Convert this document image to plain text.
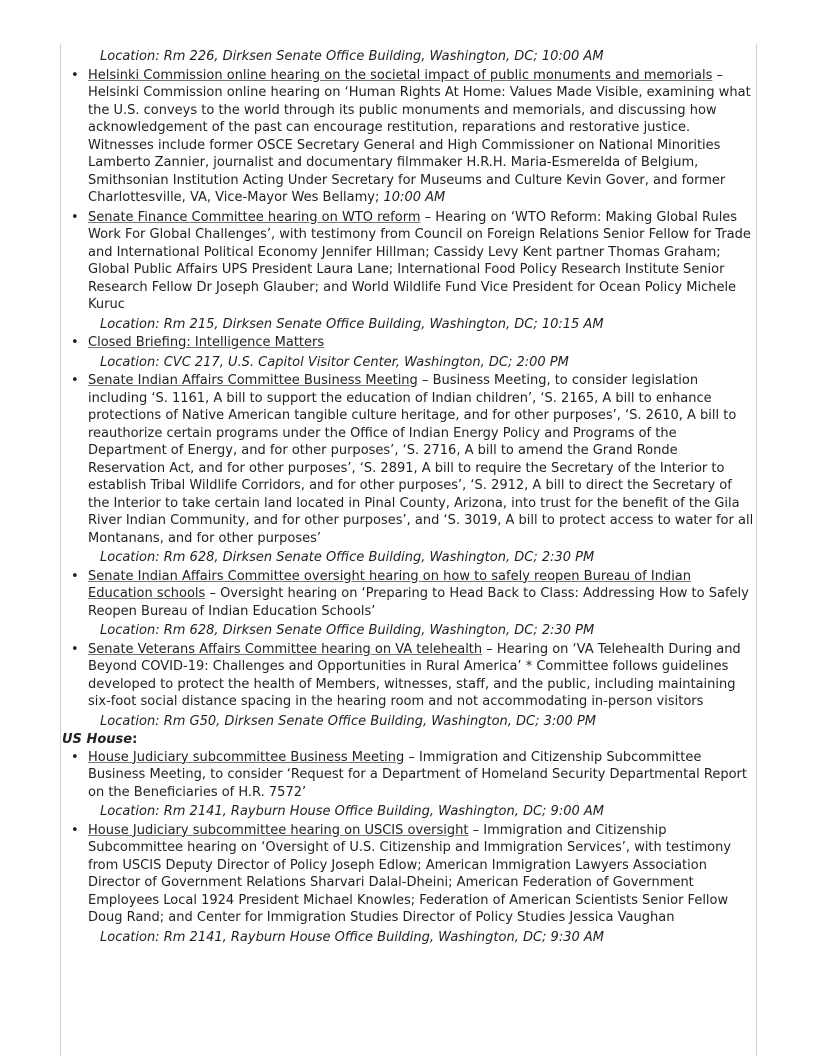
Location: Rm 226, Dirksen Senate Office Building, Washington, DC; 10:00 AM
• Helsinki Commission online hearing on the societal impact of public monuments and memorials – Helsinki Commission online hearing on ‘Human Rights At Home: Values Made Visible, examining what the U.S. conveys to the world through its public monuments and memorials, and discussing how acknowledgement of the past can encourage restitution, reparations and restorative justice. Witnesses include former OSCE Secretary General and High Commissioner on National Minorities Lamberto Zannier, journalist and documentary filmmaker H.R.H. Maria-Esmerelda of Belgium, Smithsonian Institution Acting Under Secretary for Museums and Culture Kevin Gover, and former Charlottesville, VA, Vice-Mayor Wes Bellamy; 10:00 AM
• Senate Finance Committee hearing on WTO reform – Hearing on ‘WTO Reform: Making Global Rules Work For Global Challenges’, with testimony from Council on Foreign Relations Senior Fellow for Trade and International Political Economy Jennifer Hillman; Cassidy Levy Kent partner Thomas Graham; Global Public Affairs UPS President Laura Lane; International Food Policy Research Institute Senior Research Fellow Dr Joseph Glauber; and World Wildlife Fund Vice President for Ocean Policy Michele Kuruc
Location: Rm 215, Dirksen Senate Office Building, Washington, DC; 10:15 AM
• Closed Briefing: Intelligence Matters
Location: CVC 217, U.S. Capitol Visitor Center, Washington, DC; 2:00 PM
• Senate Indian Affairs Committee Business Meeting – Business Meeting, to consider legislation including ‘S. 1161, A bill to support the education of Indian children’, ‘S. 2165, A bill to enhance protections of Native American tangible culture heritage, and for other purposes’, ‘S. 2610, A bill to reauthorize certain programs under the Office of Indian Energy Policy and Programs of the Department of Energy, and for other purposes’, ‘S. 2716, A bill to amend the Grand Ronde Reservation Act, and for other purposes’, ‘S. 2891, A bill to require the Secretary of the Interior to establish Tribal Wildlife Corridors, and for other purposes’, ‘S. 2912, A bill to direct the Secretary of the Interior to take certain land located in Pinal County, Arizona, into trust for the benefit of the Gila River Indian Community, and for other purposes’, and ‘S. 3019, A bill to protect access to water for all Montanans, and for other purposes’
Location: Rm 628, Dirksen Senate Office Building, Washington, DC; 2:30 PM
• Senate Indian Affairs Committee oversight hearing on how to safely reopen Bureau of Indian Education schools – Oversight hearing on ‘Preparing to Head Back to Class: Addressing How to Safely Reopen Bureau of Indian Education Schools’
Location: Rm 628, Dirksen Senate Office Building, Washington, DC; 2:30 PM
• Senate Veterans Affairs Committee hearing on VA telehealth – Hearing on ‘VA Telehealth During and Beyond COVID-19: Challenges and Opportunities in Rural America’ * Committee follows guidelines developed to protect the health of Members, witnesses, staff, and the public, including maintaining six-foot social distance spacing in the hearing room and not accommodating in-person visitors
Location: Rm G50, Dirksen Senate Office Building, Washington, DC; 3:00 PM
US House:
• House Judiciary subcommittee Business Meeting – Immigration and Citizenship Subcommittee Business Meeting, to consider ‘Request for a Department of Homeland Security Departmental Report on the Beneficiaries of H.R. 7572’
Location: Rm 2141, Rayburn House Office Building, Washington, DC; 9:00 AM
• House Judiciary subcommittee hearing on USCIS oversight – Immigration and Citizenship Subcommittee hearing on ‘Oversight of U.S. Citizenship and Immigration Services’, with testimony from USCIS Deputy Director of Policy Joseph Edlow; American Immigration Lawyers Association Director of Government Relations Sharvari Dalal-Dheini; American Federation of Government Employees Local 1924 President Michael Knowles; Federation of American Scientists Senior Fellow Doug Rand; and Center for Immigration Studies Director of Policy Studies Jessica Vaughan
Location: Rm 2141, Rayburn House Office Building, Washington, DC; 9:30 AM
